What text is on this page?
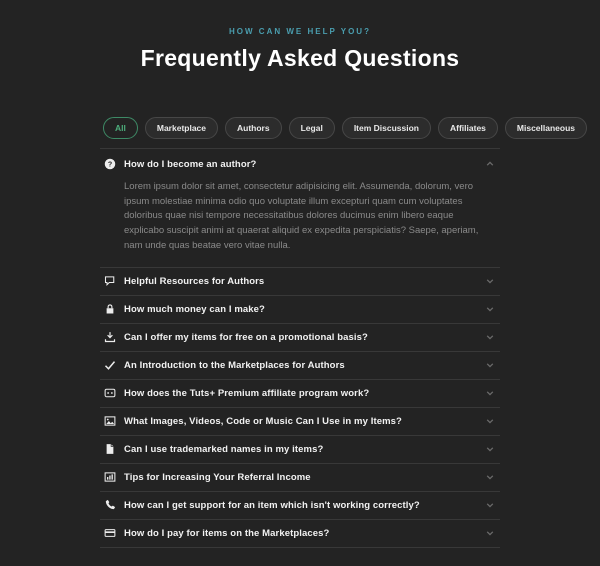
HOW CAN WE HELP YOU?
Frequently Asked Questions
All	Marketplace	Authors	Legal	Item Discussion	Affiliates	Miscellaneous
? How do I become an author?
Lorem ipsum dolor sit amet, consectetur adipisicing elit. Assumenda, dolorum, vero ipsum molestiae minima odio quo voluptate illum excepturi quam cum voluptates doloribus quae nisi tempore necessitatibus dolores ducimus enim libero eaque explicabo suscipit animi at quaerat aliquid ex expedita perspiciatis? Saepe, aperiam, nam unde quas beatae vero vitae nulla.
Helpful Resources for Authors
How much money can I make?
Can I offer my items for free on a promotional basis?
An Introduction to the Marketplaces for Authors
How does the Tuts+ Premium affiliate program work?
What Images, Videos, Code or Music Can I Use in my Items?
Can I use trademarked names in my items?
Tips for Increasing Your Referral Income
How can I get support for an item which isn't working correctly?
How do I pay for items on the Marketplaces?
